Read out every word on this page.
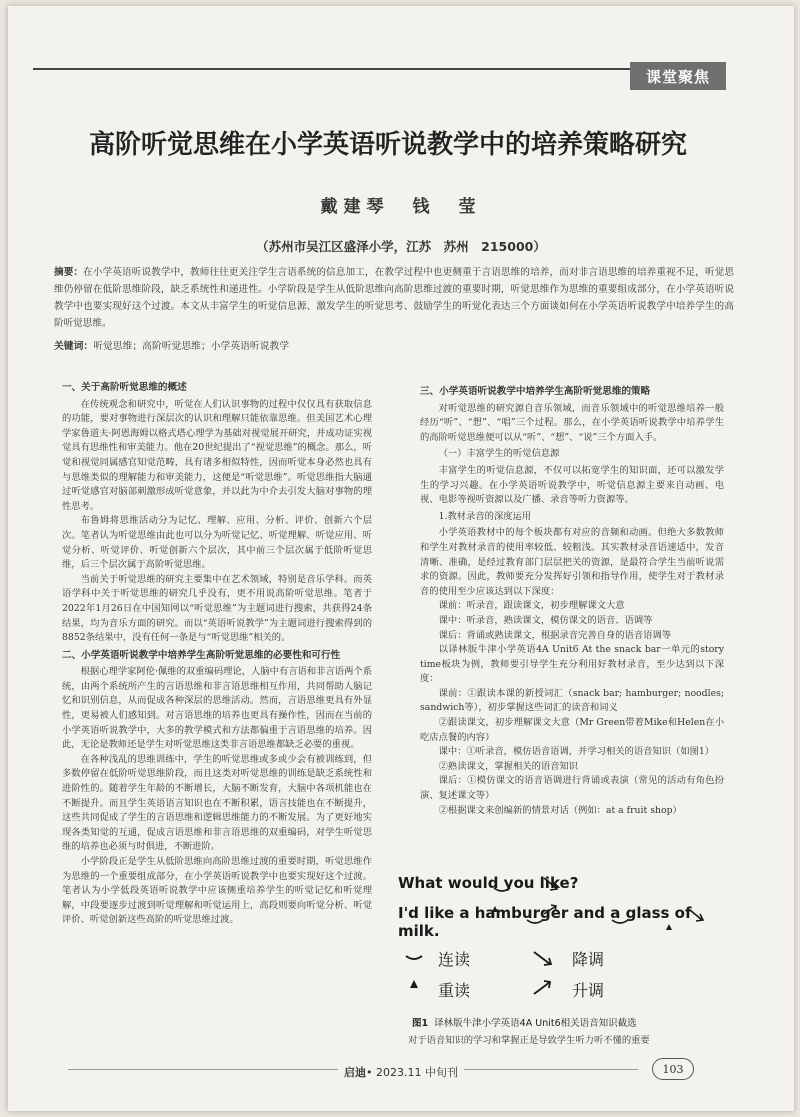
课堂聚焦
高阶听觉思维在小学英语听说教学中的培养策略研究
戴建琴　钱　莹
（苏州市吴江区盛泽小学，江苏　苏州　215000）
摘要：在小学英语听说教学中，教师往往更关注学生言语系统的信息加工，在教学过程中也更侧重于言语思维的培养，而对非言语思维的培养重视不足，听觉思维仍停留在低阶思维阶段，缺乏系统性和递进性。小学阶段是学生从低阶思维向高阶思维过渡的重要时期，听觉思维作为思维的重要组成部分，在小学英语听说教学中也要实现好这个过渡。本文从丰富学生的听觉信息源、激发学生的听觉思考、鼓励学生的听觉化表达三个方面谈如何在小学英语听说教学中培养学生的高阶听觉思维。
关键词：听觉思维；高阶听觉思维；小学英语听说教学
一、关于高阶听觉思维的概述

在传统观念和研究中，听觉在人们认识事物的过程中仅仅具有获取信息的功能，要对事物进行深层次的认识和理解只能依靠思维。但美国艺术心理学家鲁道夫·阿恩海姆以格式塔心理学为基础对视觉展开研究，并成功证实视觉具有思维性和审美能力。他在20世纪提出了“视觉思维”的概念。那么，听觉和视觉同属感官知觉范畴，具有诸多相似特性，因而听觉本身必然也具有与思维类似的理解能力和审美能力，这便是“听觉思维”。听觉思维指大脑通过听觉感官对脑部刺激形成听觉意象，并以此为中介去引发大脑对事物的理性思考。

布鲁姆将思维活动分为记忆、理解、应用、分析、评价、创新六个层次。笔者认为听觉思维由此也可以分为听觉记忆、听觉理解、听觉应用、听觉分析、听觉评价、听觉创新六个层次，其中前三个层次属于低阶听觉思维，后三个层次属于高阶听觉思维。

当前关于听觉思维的研究主要集中在艺术领域，特别是音乐学科。而英语学科中关于听觉思维的研究几乎没有，更不用说高阶听觉思维。笔者于2022年1月26日在中国知网以“听觉思维”为主题词进行搜索，共获得24条结果，均为音乐方面的研究。而以“英语听说教学”为主题词进行搜索得到的8852条结果中，没有任何一条是与“听觉思维”相关的。

二、小学英语听说教学中培养学生高阶听觉思维的必要性和可行性

根据心理学家阿伦·佩维的双重编码理论，人脑中有言语和非言语两个系统，由两个系统所产生的言语思维和非言语思维相互作用，共同帮助人脑记忆和识别信息，从而促成各种深层的思维活动。然而，言语思维更具有外显性，更易被人们感知到。对言语思维的培养也更具有操作性，因而在当前的小学英语听说教学中，大多的教学模式和方法都偏重于言语思维的培养。因此，无论是教师还是学生对听觉思维这类非言语思维都缺乏必要的重视。

在各种浅乱的思维训练中，学生的听觉思维或多或少会有被训练到，但多数停留在低阶听觉思维阶段，而且这类对听觉思维的训练是缺乏系统性和进阶性的。随着学生年龄的不断增长，大脑不断发育，大脑中各项机能也在不断提升。而且学生英语语言知识也在不断积累，语言技能也在不断提升，这些共同促成了学生的言语思维和逻辑思维能力的不断发展。为了更好地实现各类知觉的互通，促成言语思维和非言语思维的双重编码，对学生听觉思维的培养也必须与时俱进，不断进阶。

小学阶段正是学生从低阶思维向高阶思维过渡的重要时期，听觉思维作为思维的一个重要组成部分，在小学英语听说教学中也要实现好这个过渡。笔者认为小学低段英语听说教学中应该侧重培养学生的听觉记忆和听觉理解，中段要逐步过渡到听觉理解和听觉运用上，高段则要向听觉分析、听觉评价、听觉创新这些高阶的听觉思维过渡。

三、小学英语听说教学中培养学生高阶听觉思维的策略

对听觉思维的研究源自音乐领域，而音乐领域中的听觉思维培养一般经历“听”、“想”、“唱”三个过程。那么，在小学英语听说教学中培养学生的高阶听觉思维便可以从“听”、“想”、“说”三个方面入手。

（一）丰富学生的听觉信息源

丰富学生的听觉信息源，不仅可以拓宽学生的知识面，还可以激发学生的学习兴趣。在小学英语听说教学中，听觉信息源主要来自动画、电视、电影等视听资源以及广播、录音等听力资源等。

1.教材录音的深度运用

小学英语教材中的每个板块都有对应的音频和动画。但绝大多数教师和学生对教材录音的使用率较低、较粗浅。其实教材录音语速适中，发音清晰、准确，是经过教育部门层层把关的资源，是最符合学生当前听说需求的资源。因此，教师要充分发挥好引领和指导作用，使学生对于教材录音的使用至少应该达到以下深度：

课前：听录音，跟读课文，初步理解课文大意

课中：听录音，熟读课文，模仿课文的语音、语调等

课后：背诵或熟读课文，根据录音完善自身的语音语调等

以译林版牛津小学英语4A Unit6 At the snack bar一单元的story time板块为例，教师要引导学生充分利用好教材录音，至少达到以下深度：

课前：①跟读本课的新授词汇（snack bar; hamburger; noodles; sandwich等），初步掌握这些词汇的读音和词义

②跟读课文，初步理解课文大意（Mr Green带着Mike和Helen在小吃店点餐的内容）

课中：①听录音，模仿语音语调，并学习相关的语音知识（如图1）

②熟读课文，掌握相关的语音知识

课后：①模仿课文的语音语调进行背诵或表演（常见的活动有角色扮演、复述课文等）

②根据课文来创编新的情景对话（例如：at a fruit shop）

What would you like?
I'd like a hamburger and a glass of milk.
连读	降调
重读	升调
图1 译林版牛津小学英语4A Unit6相关语音知识截选
对于语音知识的学习和掌握正是导致学生听力听不懂的重要
启迪• 2023.11 中旬刊	103
